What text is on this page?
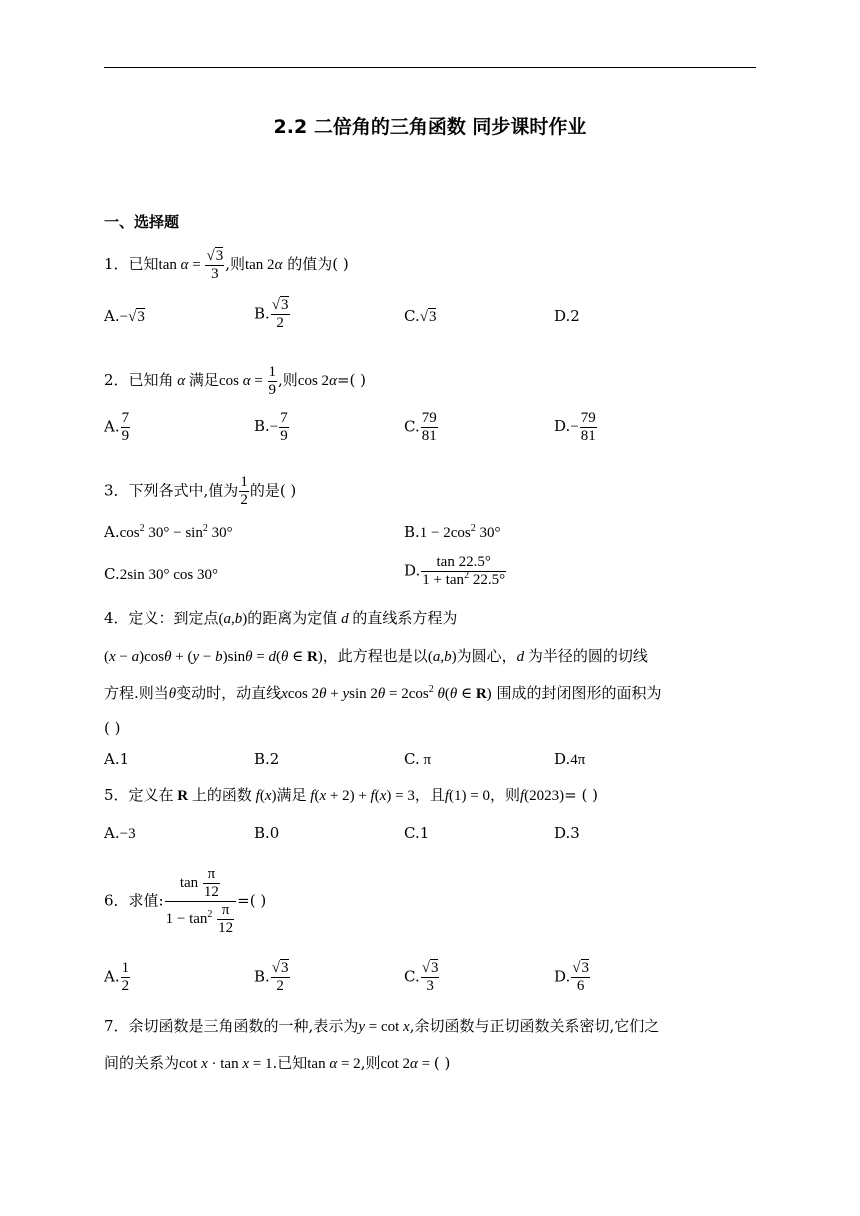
2.2 二倍角的三角函数 同步课时作业
一、选择题
1．已知$\tan \alpha = \frac{√3}{3}$ ,则tan 2α 的值为( )
A.−√3	B. $\frac{√3}{2}$	C.√3	D.2
2．已知角 α 满足$\cos \alpha = \frac{1}{9}$ ,则cos 2α=( )
A. $\frac{7}{9}$	$B.- \frac{7}{9}$	C. $\frac{79}{81}$	$D.- \frac{79}{81}$
3．下列各式中,值为 $\frac{1}{2}$ 的是( )
$A.\cos^2$ $30^\circ - \sin^2 30^\circ$	$B.1 - 2\cos^2$ 30°
C.2sin 30° cos 30°	D. $\frac{\tan 22.5^\circ}{1 + \tan^2 22.5^\circ}$
4．定义：到定点(a,b)的距离为定值 d 的直线系方程为
(x − a)cosθ + (y − b)sinθ = d(θ ∈ R)，此方程也是以(a,b)为圆心，d 为半径的圆的切线
方程.则当θ变动时，动直线xcos 2θ + ysin $2\theta = 2\cos^2$ θ(θ ∈ R) 围成的封闭图形的面积为
( )
A.1	B.2	C. π	D.4π
5．定义在 R 上的函数 f(x)满足 f(x + 2) + f(x) = 3，且f(1) = 0，则f(2023)= ( )
A.−3	B.0	C.1	D.3
6．求值: $\frac{\tan \frac{\pi}{12}}{1 - \tan^2 \frac{\pi}{12}}$ =( )
A. $\frac{1}{2}$	B. $\frac{√3}{2}$	C. $\frac{√3}{3}$	D. $\frac{√3}{6}$
7．余切函数是三角函数的一种,表示为y = cot x,余切函数与正切函数关系密切,它们之
间的关系为cot x · tan x = 1.已知tan α = 2,则cot 2α = ( )
